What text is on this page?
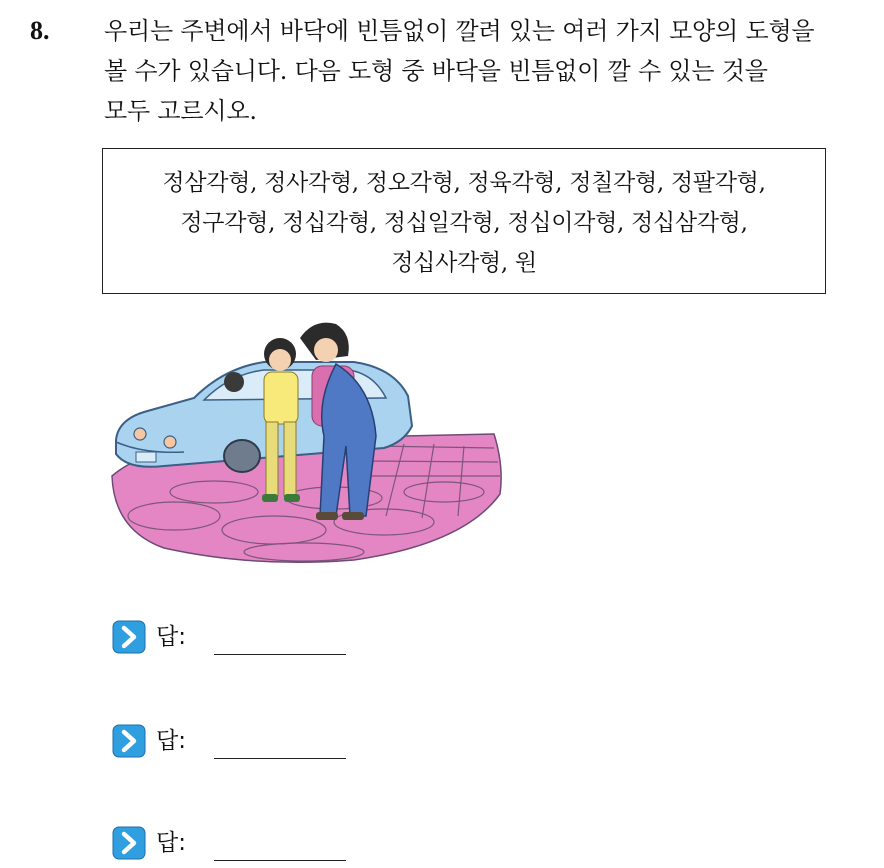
8. 우리는 주변에서 바닥에 빈틈없이 깔려 있는 여러 가지 모양의 도형을
볼 수가 있습니다. 다음 도형 중 바닥을 빈틈없이 깔 수 있는 것을
모두 고르시오.
정삼각형, 정사각형, 정오각형, 정육각형, 정칠각형, 정팔각형,
정구각형, 정십각형, 정십일각형, 정십이각형, 정십삼각형,
정십사각형, 원
답:
답:
답:
